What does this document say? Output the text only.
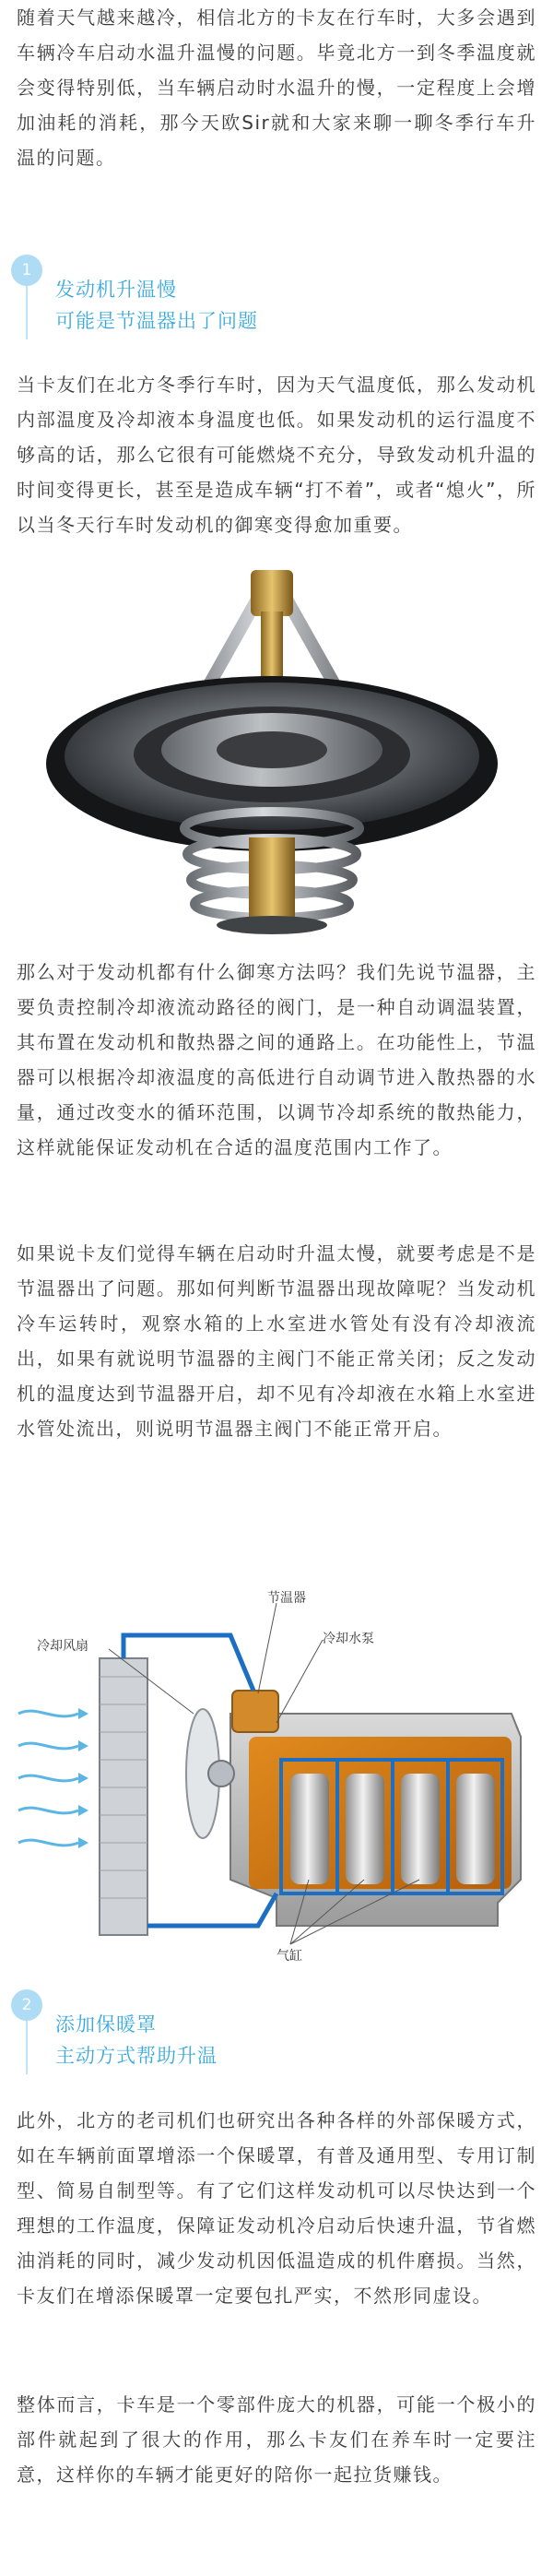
随着天气越来越冷，相信北方的卡友在行车时，大多会遇到车辆冷车启动水温升温慢的问题。毕竟北方一到冬季温度就会变得特别低，当车辆启动时水温升的慢，一定程度上会增加油耗的消耗，那今天欧Sir就和大家来聊一聊冬季行车升温的问题。

1
发动机升温慢
可能是节温器出了问题

当卡友们在北方冬季行车时，因为天气温度低，那么发动机内部温度及冷却液本身温度也低。如果发动机的运行温度不够高的话，那么它很有可能燃烧不充分，导致发动机升温的时间变得更长，甚至是造成车辆“打不着”，或者“熄火”，所以当冬天行车时发动机的御寒变得愈加重要。

那么对于发动机都有什么御寒方法吗？我们先说节温器，主要负责控制冷却液流动路径的阀门，是一种自动调温装置，其布置在发动机和散热器之间的通路上。在功能性上，节温器可以根据冷却液温度的高低进行自动调节进入散热器的水量，通过改变水的循环范围，以调节冷却系统的散热能力，这样就能保证发动机在合适的温度范围内工作了。

如果说卡友们觉得车辆在启动时升温太慢，就要考虑是不是节温器出了问题。那如何判断节温器出现故障呢？当发动机冷车运转时，观察水箱的上水室进水管处有没有冷却液流出，如果有就说明节温器的主阀门不能正常关闭；反之发动机的温度达到节温器开启，却不见有冷却液在水箱上水室进水管处流出，则说明节温器主阀门不能正常开启。

节温器
冷却水泵
冷却风扇
气缸
2
添加保暖罩
主动方式帮助升温

此外，北方的老司机们也研究出各种各样的外部保暖方式，如在车辆前面罩增添一个保暖罩，有普及通用型、专用订制型、简易自制型等。有了它们这样发动机可以尽快达到一个理想的工作温度，保障证发动机冷启动后快速升温，节省燃油消耗的同时，减少发动机因低温造成的机件磨损。当然，卡友们在增添保暖罩一定要包扎严实，不然形同虚设。

整体而言，卡车是一个零部件庞大的机器，可能一个极小的部件就起到了很大的作用，那么卡友们在养车时一定要注意，这样你的车辆才能更好的陪你一起拉货赚钱。
